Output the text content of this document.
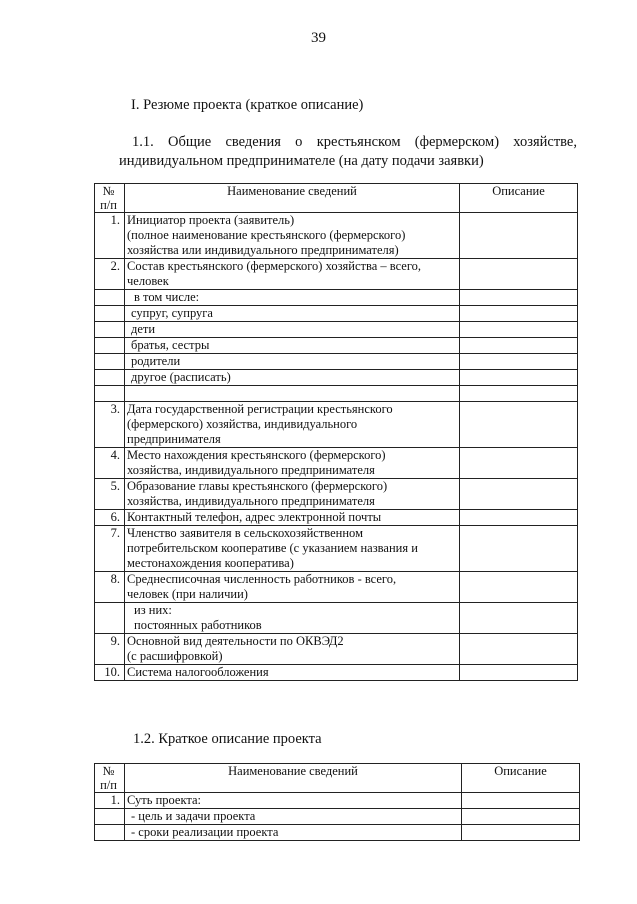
39
I. Резюме проекта (краткое описание)
1.1. Общие сведения о крестьянском (фермерском) хозяйстве,
индивидуальном предпринимателе (на дату подачи заявки)
№
п/п	Наименование сведений	Описание
1.	Инициатор проекта (заявитель)
(полное наименование крестьянского (фермерского)
хозяйства или индивидуального предпринимателя)	

2.	Состав крестьянского (фермерского) хозяйства – всего,
человек	

	в том числе:	
	супруг, супруга	
	дети	
	братья, сестры	
	родители	
	другое (расписать)	

3.	Дата государственной регистрации крестьянского
(фермерского) хозяйства, индивидуального
предпринимателя	

4.	Место нахождения крестьянского (фермерского)
хозяйства, индивидуального предпринимателя	

5.	Образование главы крестьянского (фермерского)
хозяйства, индивидуального предпринимателя	

6.	Контактный телефон, адрес электронной почты	

7.	Членство заявителя в сельскохозяйственном
потребительском кооперативе (с указанием названия и
местонахождения кооператива)	

8.	Среднесписочная численность работников - всего,
человек (при наличии)	

	из них:
постоянных работников	

9.	Основной вид деятельности по ОКВЭД2
(с расшифровкой)	

10.	Система налогообложения	

1.2. Краткое описание проекта
№
п/п	Наименование сведений	Описание
1.	Суть проекта:	
	- цель и задачи проекта	
	- сроки реализации проекта	
